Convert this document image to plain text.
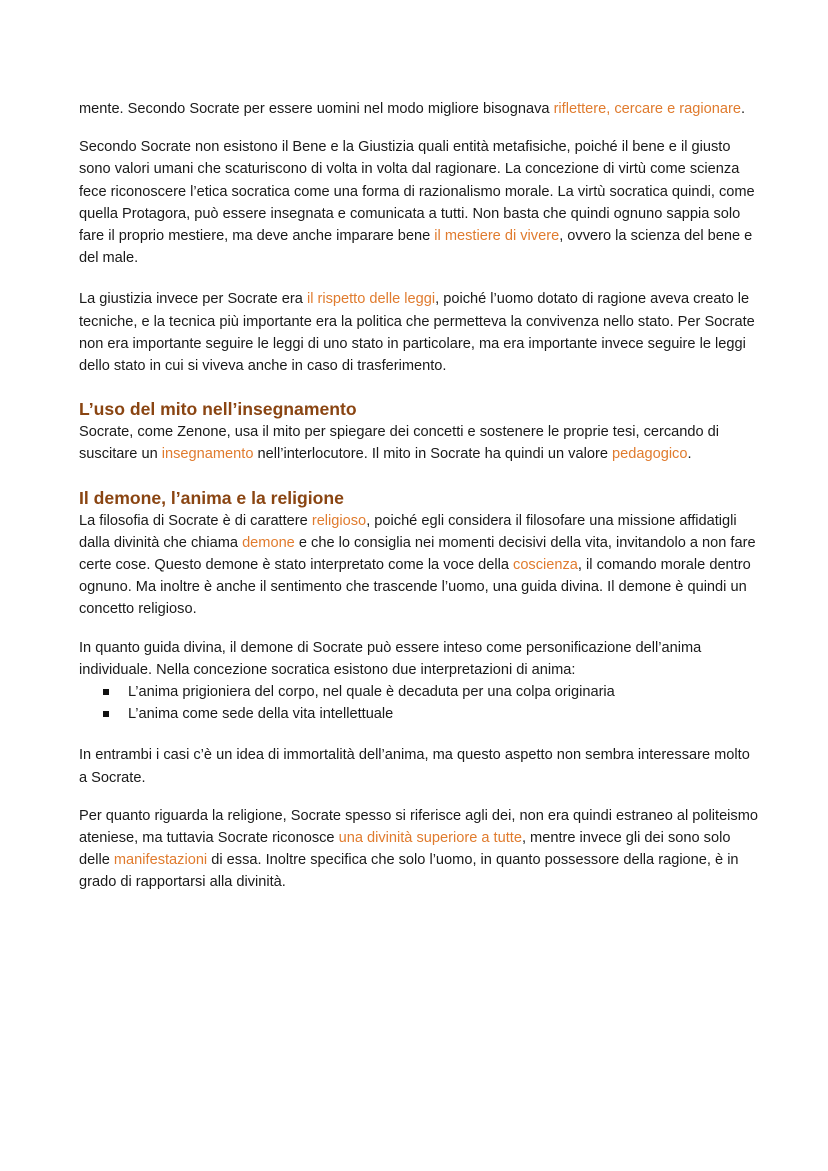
mente. Secondo Socrate per essere uomini nel modo migliore bisognava riflettere, cercare e ragionare.

Secondo Socrate non esistono il Bene e la Giustizia quali entità metafisiche, poiché il bene e il giusto sono valori umani che scaturiscono di volta in volta dal ragionare. La concezione di virtù come scienza fece riconoscere l’etica socratica come una forma di razionalismo morale. La virtù socratica quindi, come quella Protagora, può essere insegnata e comunicata a tutti. Non basta che quindi ognuno sappia solo fare il proprio mestiere, ma deve anche imparare bene il mestiere di vivere, ovvero la scienza del bene e del male.

La giustizia invece per Socrate era il rispetto delle leggi, poiché l’uomo dotato di ragione aveva creato le tecniche, e la tecnica più importante era la politica che permetteva la convivenza nello stato. Per Socrate non era importante seguire le leggi di uno stato in particolare, ma era importante invece seguire le leggi dello stato in cui si viveva anche in caso di trasferimento.

L’uso del mito nell’insegnamento

Socrate, come Zenone, usa il mito per spiegare dei concetti e sostenere le proprie tesi, cercando di suscitare un insegnamento nell’interlocutore. Il mito in Socrate ha quindi un valore pedagogico.

Il demone, l’anima e la religione

La filosofia di Socrate è di carattere religioso, poiché egli considera il filosofare una missione affidatigli dalla divinità che chiama demone e che lo consiglia nei momenti decisivi della vita, invitandolo a non fare certe cose. Questo demone è stato interpretato come la voce della coscienza, il comando morale dentro ognuno. Ma inoltre è anche il sentimento che trascende l’uomo, una guida divina. Il demone è quindi un concetto religioso.

In quanto guida divina, il demone di Socrate può essere inteso come personificazione dell’anima individuale. Nella concezione socratica esistono due interpretazioni di anima:

L’anima prigioniera del corpo, nel quale è decaduta per una colpa originaria
L’anima come sede della vita intellettuale

In entrambi i casi c’è un idea di immortalità dell’anima, ma questo aspetto non sembra interessare molto a Socrate.

Per quanto riguarda la religione, Socrate spesso si riferisce agli dei, non era quindi estraneo al politeismo ateniese, ma tuttavia Socrate riconosce una divinità superiore a tutte, mentre invece gli dei sono solo delle manifestazioni di essa. Inoltre specifica che solo l’uomo, in quanto possessore della ragione, è in grado di rapportarsi alla divinità.
